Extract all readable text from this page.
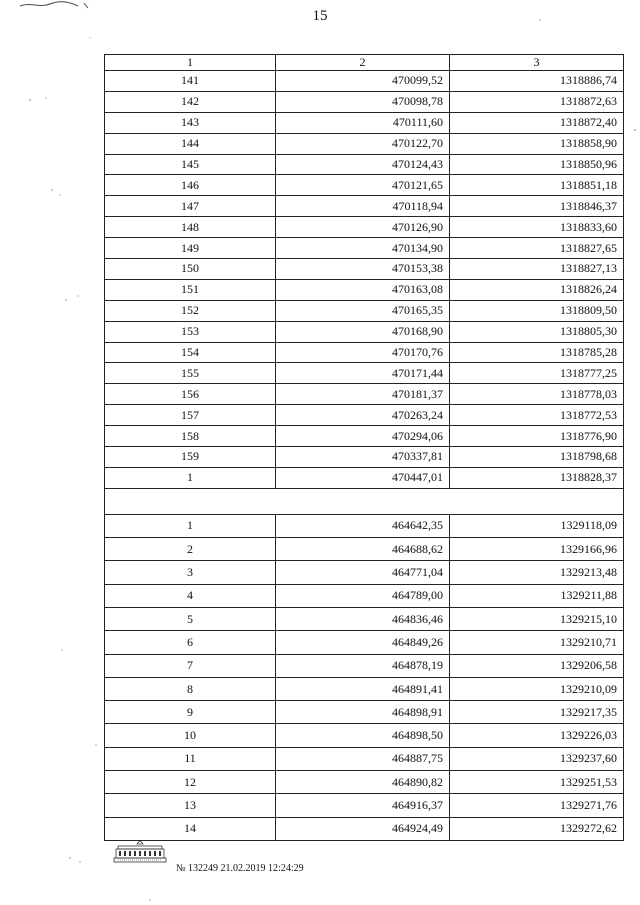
15
1	2	3
141	470099,52	1318886,74
142	470098,78	1318872,63
143	470111,60	1318872,40
144	470122,70	1318858,90
145	470124,43	1318850,96
146	470121,65	1318851,18
147	470118,94	1318846,37
148	470126,90	1318833,60
149	470134,90	1318827,65
150	470153,38	1318827,13
151	470163,08	1318826,24
152	470165,35	1318809,50
153	470168,90	1318805,30
154	470170,76	1318785,28
155	470171,44	1318777,25
156	470181,37	1318778,03
157	470263,24	1318772,53
158	470294,06	1318776,90
159	470337,81	1318798,68
1	470447,01	1318828,37

1	464642,35	1329118,09
2	464688,62	1329166,96
3	464771,04	1329213,48
4	464789,00	1329211,88
5	464836,46	1329215,10
6	464849,26	1329210,71
7	464878,19	1329206,58
8	464891,41	1329210,09
9	464898,91	1329217,35
10	464898,50	1329226,03
11	464887,75	1329237,60
12	464890,82	1329251,53
13	464916,37	1329271,76
14	464924,49	1329272,62
№ 132249 21.02.2019 12:24:29
